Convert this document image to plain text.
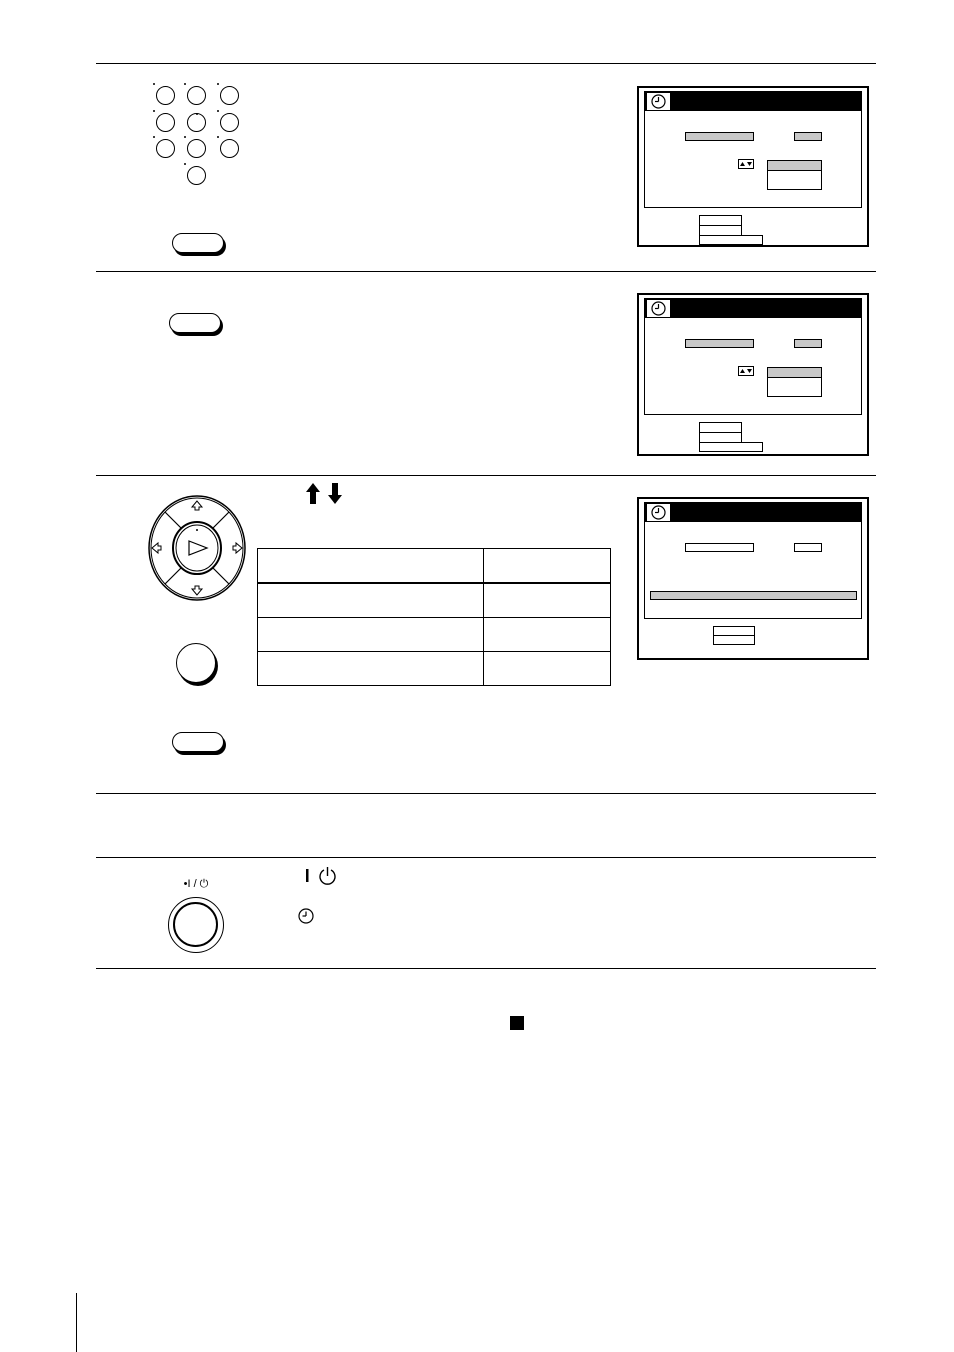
•I / ⏻
